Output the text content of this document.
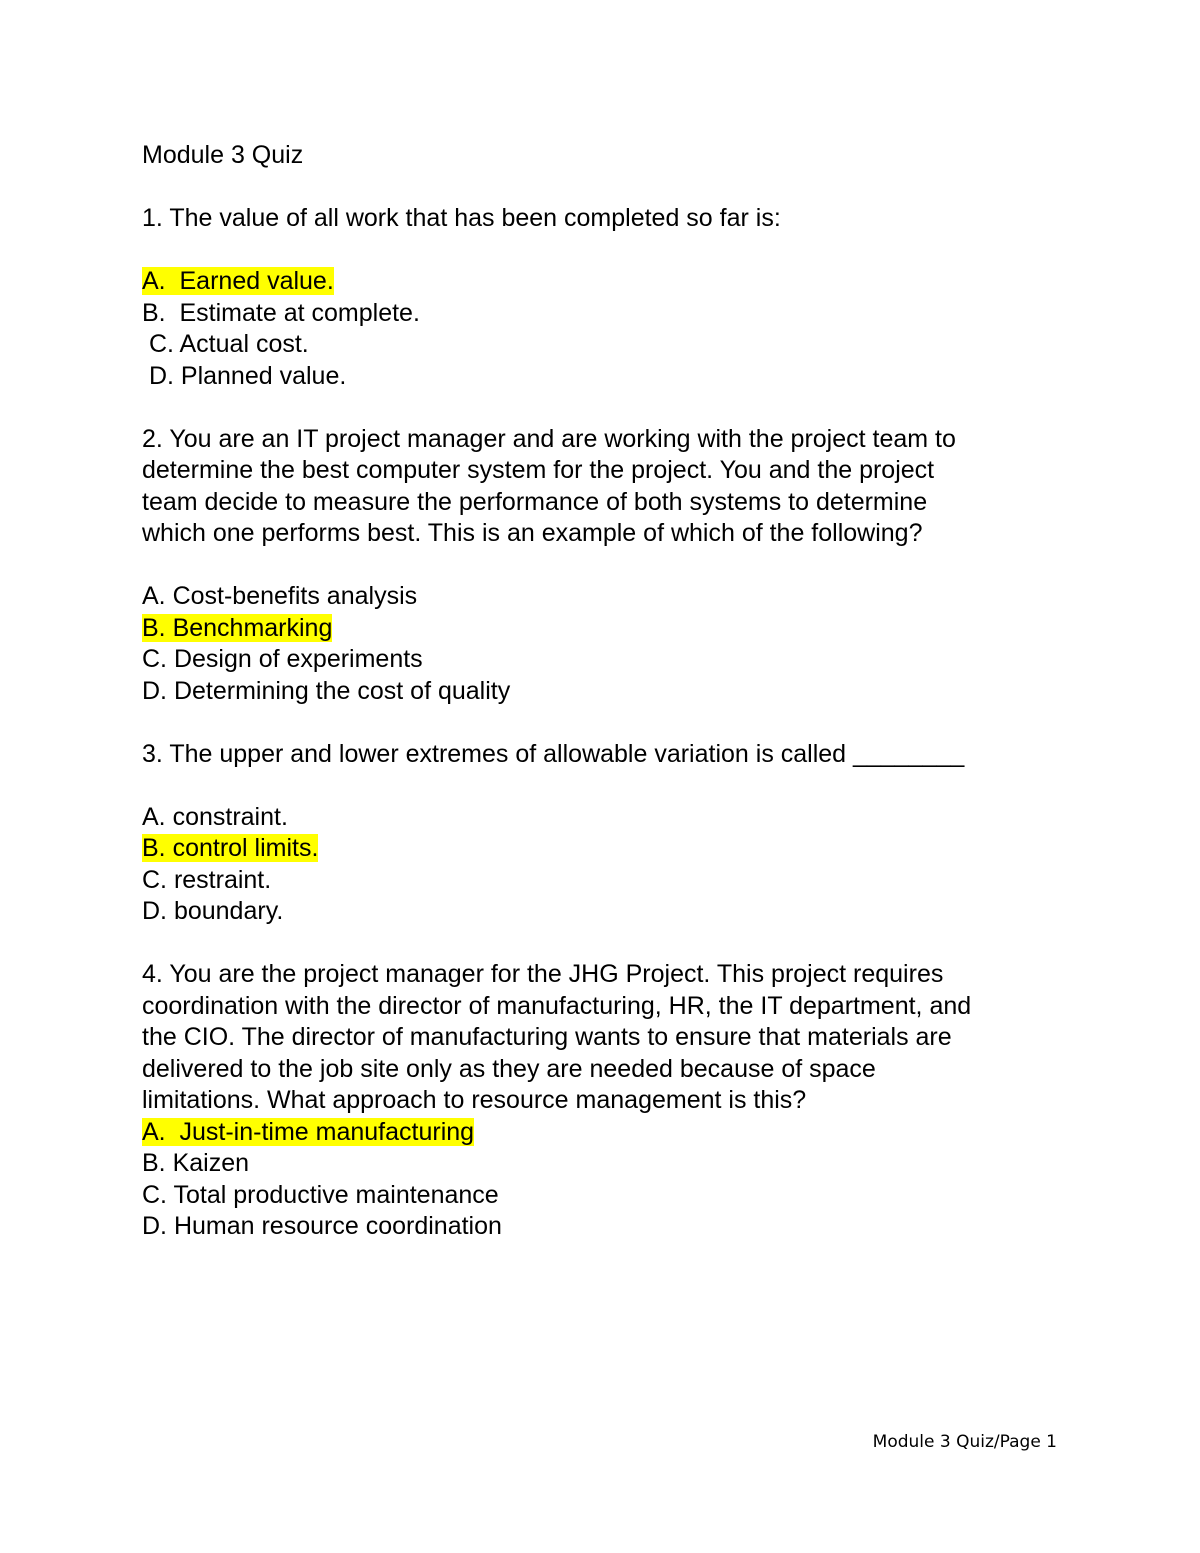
Module 3 Quiz
1. The value of all work that has been completed so far is:
A.  Earned value.
B.  Estimate at complete.
C. Actual cost.
D. Planned value.
2. You are an IT project manager and are working with the project team to
determine the best computer system for the project. You and the project
team decide to measure the performance of both systems to determine
which one performs best. This is an example of which of the following?
A. Cost-benefits analysis
B. Benchmarking
C. Design of experiments
D. Determining the cost of quality
3. The upper and lower extremes of allowable variation is called ________
A. constraint.
B. control limits.
C. restraint.
D. boundary.
4. You are the project manager for the JHG Project. This project requires
coordination with the director of manufacturing, HR, the IT department, and
the CIO. The director of manufacturing wants to ensure that materials are
delivered to the job site only as they are needed because of space
limitations. What approach to resource management is this?
A.  Just-in-time manufacturing
B. Kaizen
C. Total productive maintenance
D. Human resource coordination
Module 3 Quiz/Page 1
